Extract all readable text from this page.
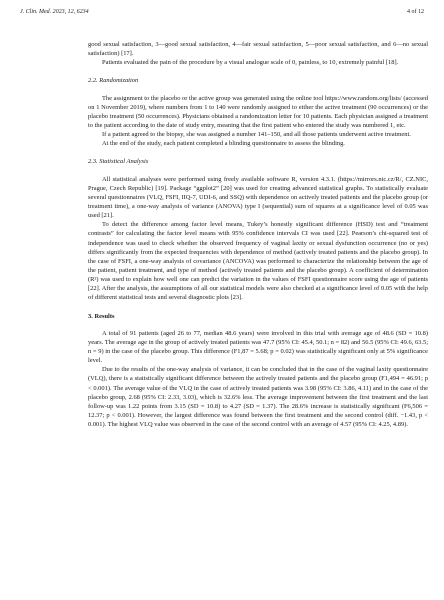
J. Clin. Med. 2023, 12, 6234	4 of 12

good sexual satisfaction, 3—good sexual satisfaction, 4—fair sexual satisfaction, 5—poor sexual satisfaction, and 6—no sexual satisfaction) [17].

Patients evaluated the pain of the procedure by a visual analogue scale of 0, painless, to 10, extremely painful [18].

2.2. Randomization

The assignment to the placebo or the active group was generated using the online tool https://www.random.org/lists/ (accessed on 1 November 2019), where numbers from 1 to 140 were randomly assigned to either the active treatment (90 occurrences) or the placebo treatment (50 occurrences). Physicians obtained a randomization letter for 10 patients. Each physician assigned a treatment to the patient according to the date of study entry, meaning that the first patient who entered the study was numbered 1, etc.

If a patient agreed to the biopsy, she was assigned a number 141–150, and all those patients underwent active treatment.

At the end of the study, each patient completed a blinding questionnaire to assess the blinding.

2.3. Statistical Analysis

All statistical analyses were performed using freely available software R, version 4.3.1. (https://mirrors.nic.cz/R/, CZ.NIC, Prague, Czech Republic) [19]. Package “ggplot2” [20] was used for creating advanced statistical graphs. To statistically evaluate several questionnaires (VLQ, FSFI, IIQ-7, UDI-6, and SSQ) with dependence on actively treated patients and the placebo group (or treatment time), a one-way analysis of variance (ANOVA) type I (sequential) sum of squares at a significance level of 0.05 was used [21].

To detect the difference among factor level means, Tukey’s honestly significant difference (HSD) test and “treatment contrasts” for calculating the factor level means with 95% confidence intervals CI was used [22]. Pearson’s chi-squared test of independence was used to check whether the observed frequency of vaginal laxity or sexual dysfunction occurrence (no or yes) differs significantly from the expected frequencies with dependence of method (actively treated patients and the placebo group). In the case of FSFI, a one-way analysis of covariance (ANCOVA) was performed to characterize the relationship between the age of the patient, patient treatment, and type of method (actively treated patients and the placebo group). A coefficient of determination (R²) was used to explain how well one can predict the variation in the values of FSFI questionnaire score using the age of patients [22]. After the analysis, the assumptions of all our statistical models were also checked at a significance level of 0.05 with the help of different statistical tests and several diagnostic plots [23].

3. Results

A total of 91 patients (aged 26 to 77, median 48.6 years) were involved in this trial with average age of 48.6 (SD = 10.8) years. The average age in the group of actively treated patients was 47.7 (95% CI: 45.4, 50.1; n = 82) and 56.5 (95% CI: 49.6, 63.5; n = 9) in the case of the placebo group. This difference (F1,87 = 5.68; p = 0.02) was statistically significant only at 5% significance level.

Due to the results of the one-way analysis of variance, it can be concluded that in the case of the vaginal laxity questionnaire (VLQ), there is a statistically significant difference between the actively treated patients and the placebo group (F1,494 = 46.91; p < 0.001). The average value of the VLQ in the case of actively treated patients was 3.98 (95% CI: 3.86, 4.11) and in the case of the placebo group, 2.68 (95% CI: 2.33, 3.03), which is 32.6% less. The average improvement between the first treatment and the last follow-up was 1.22 points from 3.15 (SD = 10.8) to 4.27 (SD = 1.37). The 28.6% increase is statistically significant (F6,506 = 12.37; p < 0.001). However, the largest difference was found between the first treatment and the second control (diff. −1.43, p < 0.001). The highest VLQ value was observed in the case of the second control with an average of 4.57 (95% CI: 4.25, 4.89).
